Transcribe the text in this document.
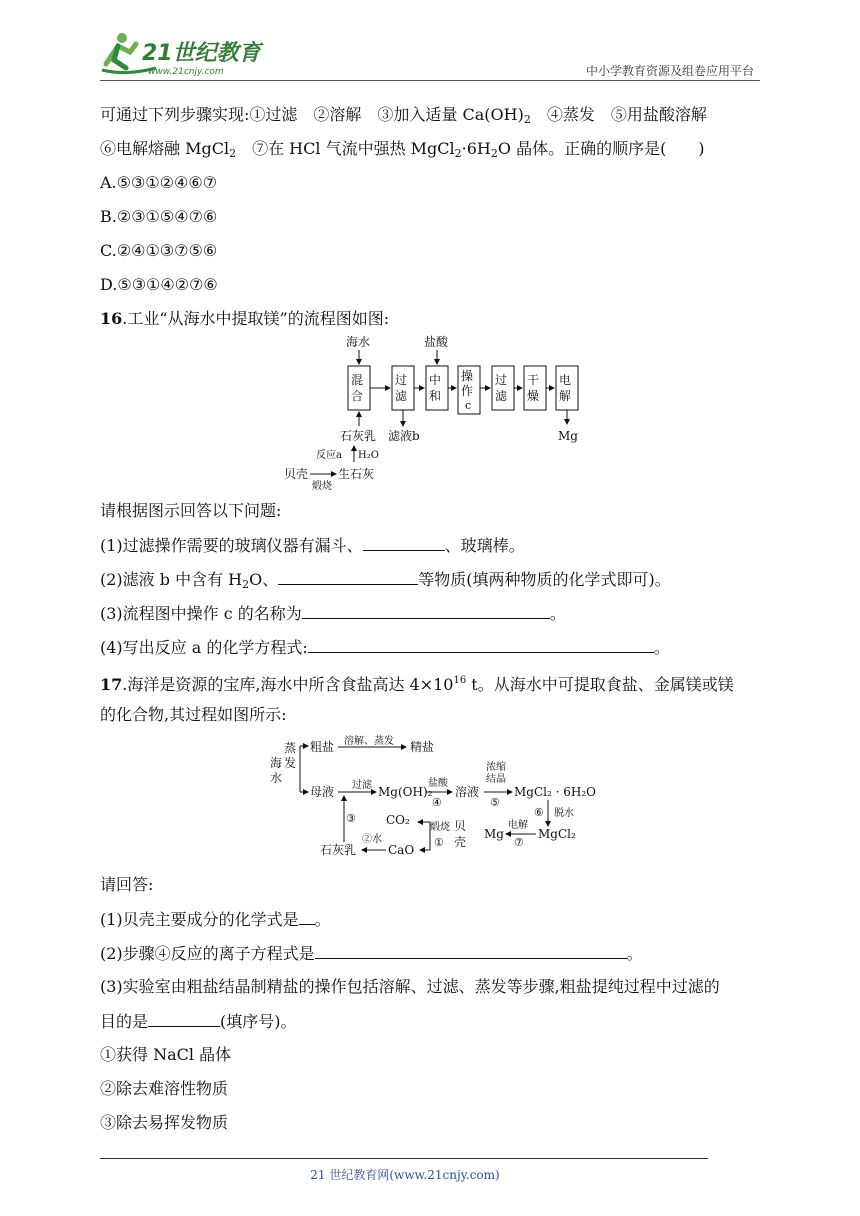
21世纪教育
www.21cnjy.com	中小学教育资源及组卷应用平台
可通过下列步骤实现:①过滤　②溶解　③加入适量 $Ca(OH)_2$　④蒸发　⑤用盐酸溶解
⑥电解熔融 MgCl$_2$　⑦在 HCl 气流中强热 $MgCl_2\cdot 6H_2O$ 晶体。正确的顺序是(　　)
A.⑤③①②④⑥⑦
B.②③①⑤④⑦⑥
C.②④①③⑦⑤⑥
D.⑤③①④②⑦⑥
16.工业“从海水中提取镁”的流程图如图:
海水	盐酸
混
合
过
滤
中
和
操
作
c
过
滤
干
燥
电
解
Mg
石灰乳 滤液b
反应a H₂O
贝壳
煅烧
生石灰
请根据图示回答以下问题:
(1)过滤操作需要的玻璃仪器有漏斗、	、玻璃棒。
(2)滤液 b 中含有 $H_2O$、	等物质(填两种物质的化学式即可)。
(3)流程图中操作 c 的名称为	。
(4)写出反应 a 的化学方程式:	。
17.海洋是资源的宝库,海水中所含食盐高达 $4\times 10^{16}$ t。从海水中可提取食盐、金属镁或镁
的化合物,其过程如图所示:
蒸
发
海
水
粗盐 溶解、蒸发 精盐
母液 过滤 Mg(OH)₂
盐酸
④
溶液
浓缩
结晶
⑤
MgCl₂ · 6H₂O
⑥ 脱水
MgCl₂
电解
⑦
Mg
③	CO₂
煅烧
①
贝
壳
CaO
②水
石灰乳
请回答:
(1)贝壳主要成分的化学式是 。
(2)步骤④反应的离子方程式是	。
(3)实验室由粗盐结晶制精盐的操作包括溶解、过滤、蒸发等步骤,粗盐提纯过程中过滤的
目的是	(填序号)。
①获得 NaCl 晶体
②除去难溶性物质
③除去易挥发物质
21 世纪教育网(www.21cnjy.com)
